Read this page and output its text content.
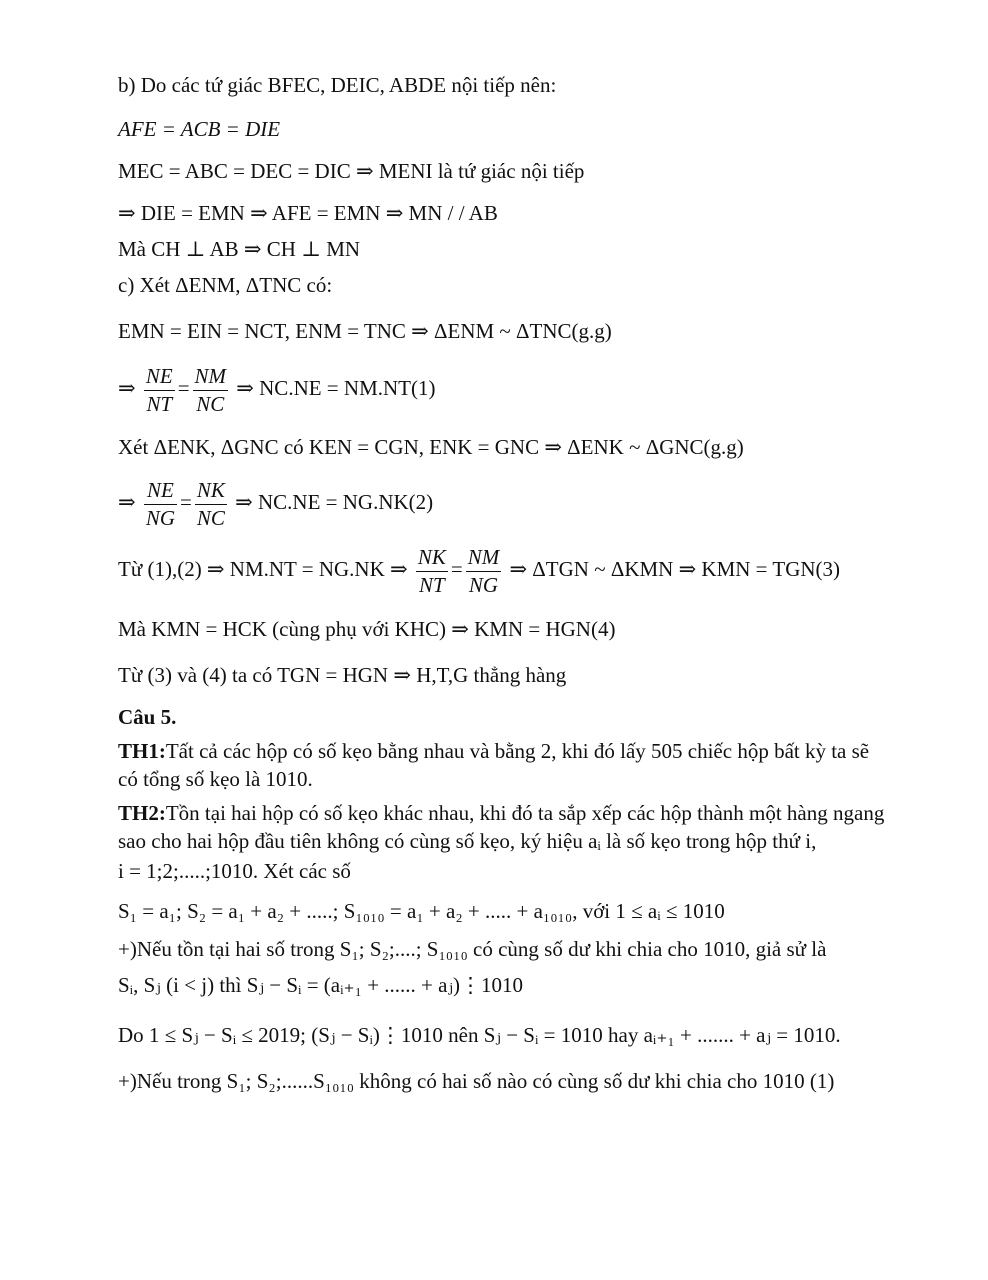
b) Do các tứ giác BFEC, DEIC, ABDE nội tiếp nên:
AFE = ACB = DIE
MEC = ABC = DEC = DIC ⇒ MENI là tứ giác nội tiếp
⇒ DIE = EMN ⇒ AFE = EMN ⇒ MN / / AB
Mà CH ⊥ AB ⇒ CH ⊥ MN
c) Xét ΔENM, ΔTNC có:
EMN = EIN = NCT, ENM = TNC ⇒ ΔENM ~ ΔTNC(g.g)
⇒ $\frac{NE}{NT} = \frac{NM}{NC}$ ⇒ NC.NE = NM.NT(1)
Xét ΔENK, ΔGNC có KEN = CGN, ENK = GNC ⇒ ΔENK ~ ΔGNC(g.g)
⇒ $\frac{NE}{NG} = \frac{NK}{NC}$ ⇒ NC.NE = NG.NK(2)
Từ (1),(2) ⇒ NM.NT = NG.NK ⇒ $\frac{NK}{NT} = \frac{NM}{NG}$ ⇒ ΔTGN ~ ΔKMN ⇒ KMN = TGN(3)
Mà KMN = HCK (cùng phụ với KHC) ⇒ KMN = HGN(4)
Từ (3) và (4) ta có TGN = HGN ⇒ H,T,G thẳng hàng
Câu 5.
TH1:Tất cả các hộp có số kẹo bằng nhau và bằng 2, khi đó lấy 505 chiếc hộp bất kỳ ta sẽ
có tổng số kẹo là 1010.
TH2:Tồn tại hai hộp có số kẹo khác nhau, khi đó ta sắp xếp các hộp thành một hàng ngang
sao cho hai hộp đầu tiên không có cùng số kẹo, ký hiệu aᵢ là số kẹo trong hộp thứ i,
i = 1;2;.....;1010. Xét các số
S₁ = a₁; S₂ = a₁ + a₂ + .....; S₁₀₁₀ = a₁ + a₂ + ..... + a₁₀₁₀, với 1 ≤ aᵢ ≤ 1010
+)Nếu tồn tại hai số trong S₁; S₂;....; S₁₀₁₀ có cùng số dư khi chia cho 1010, giả sử là
Sᵢ, Sⱼ (i < j) thì Sⱼ − Sᵢ = (aᵢ₊₁ + ...... + aⱼ)⋮1010
Do 1 ≤ Sⱼ − Sᵢ ≤ 2019; (Sⱼ − Sᵢ)⋮1010 nên Sⱼ − Sᵢ = 1010 hay aᵢ₊₁ + ....... + aⱼ = 1010.
+)Nếu trong S₁; S₂;......S₁₀₁₀ không có hai số nào có cùng số dư khi chia cho 1010 (1)
